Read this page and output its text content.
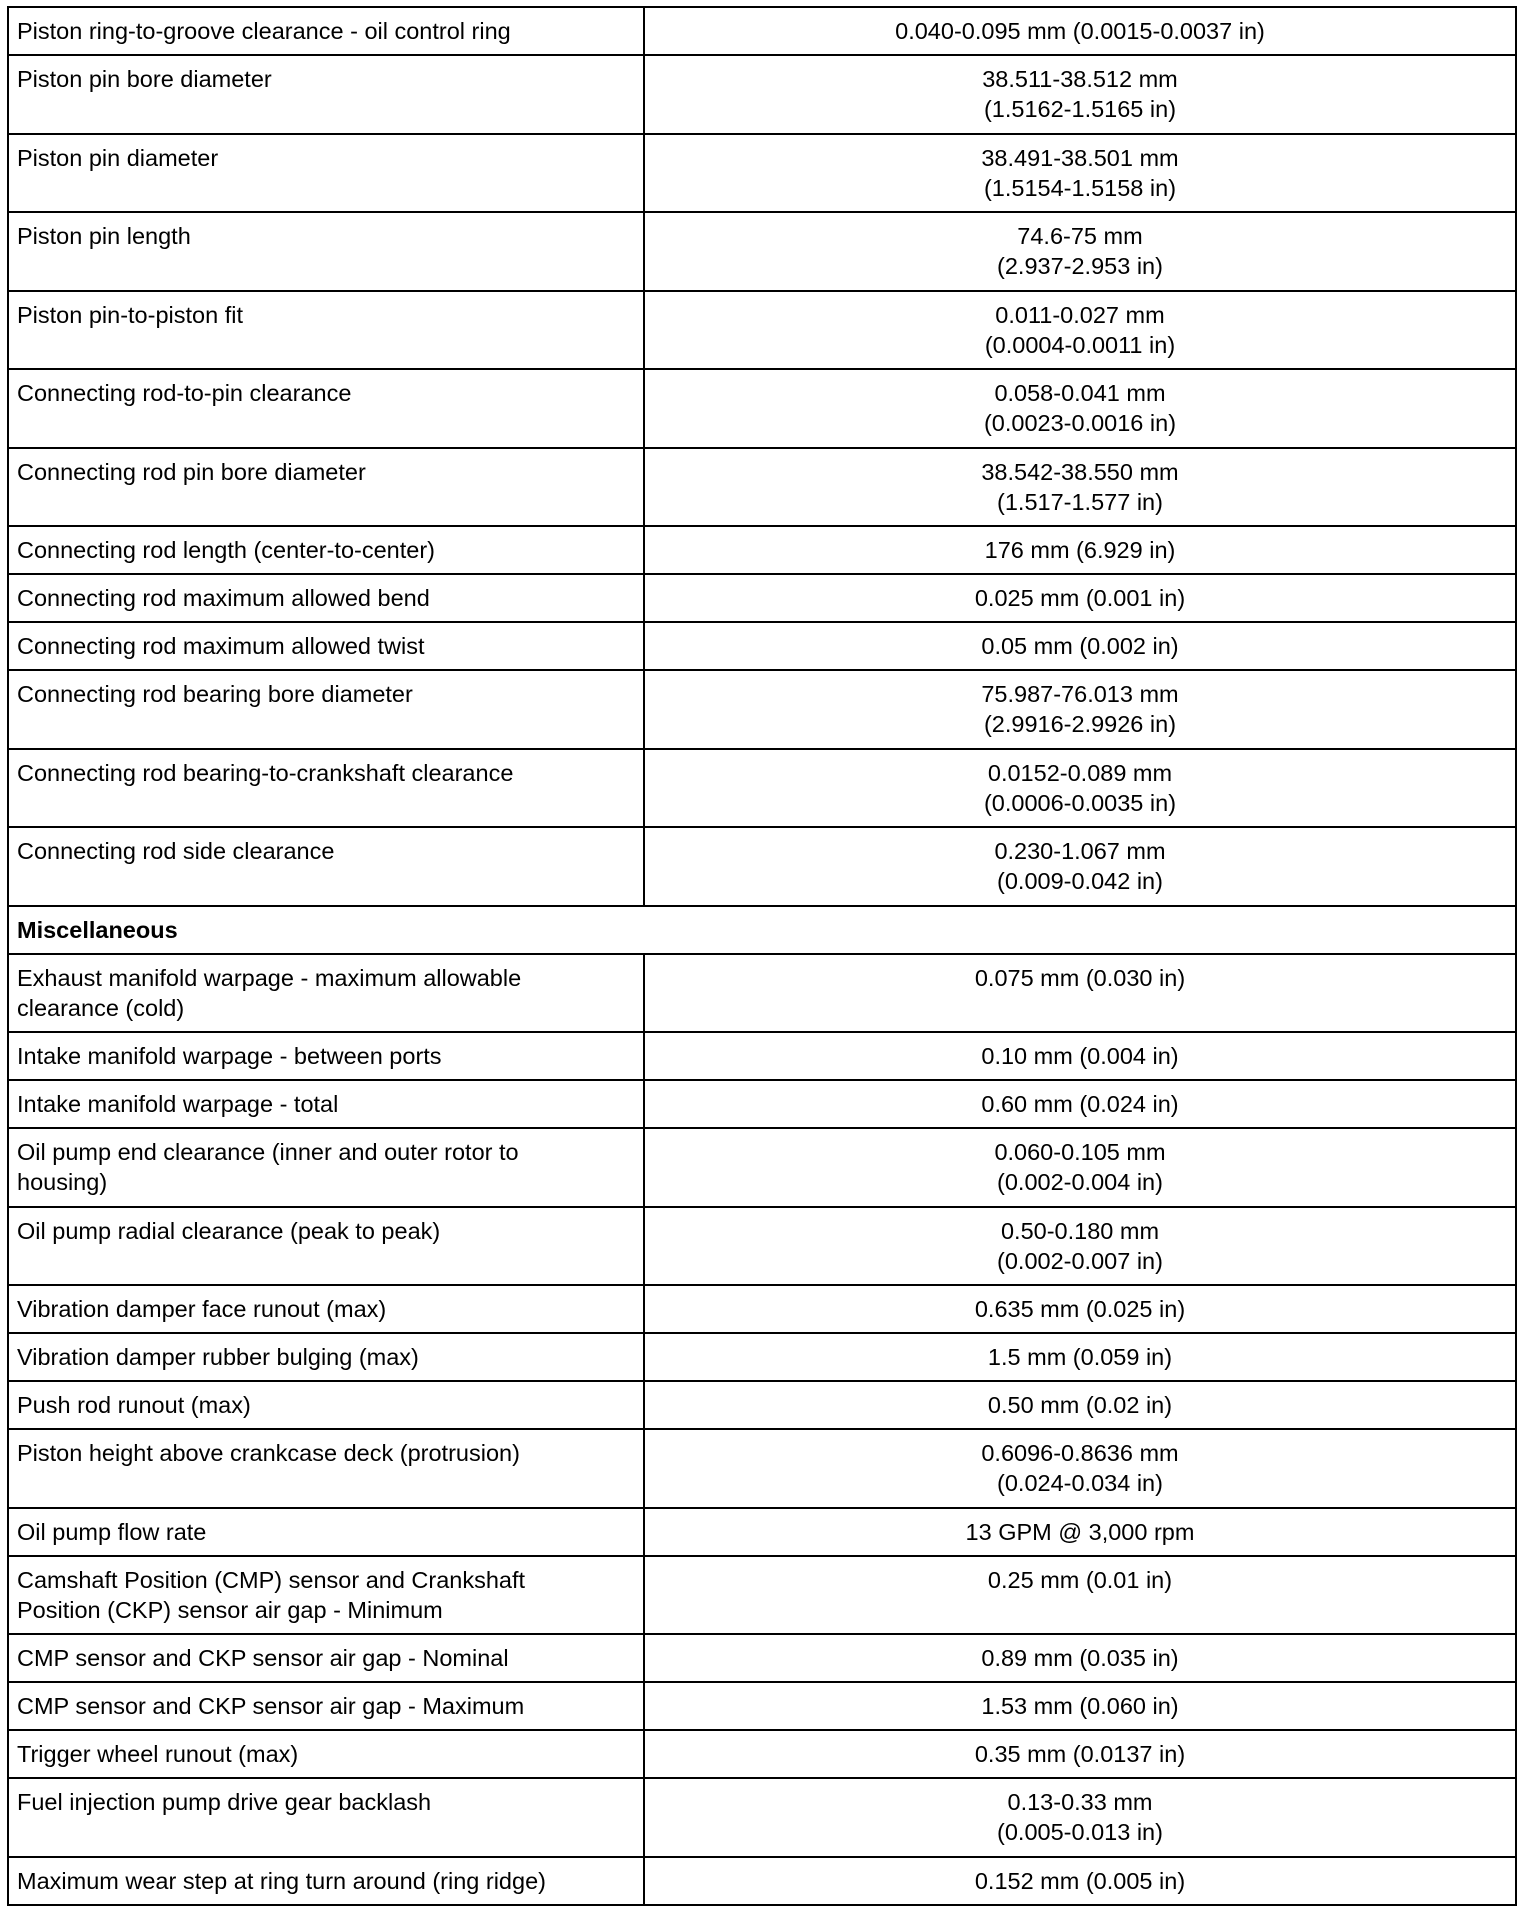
Piston ring-to-groove clearance - oil control ring	0.040-0.095 mm (0.0015-0.0037 in)

Piston pin bore diameter	38.511-38.512 mm
(1.5162-1.5165 in)

Piston pin diameter	38.491-38.501 mm
(1.5154-1.5158 in)

Piston pin length	74.6-75 mm
(2.937-2.953 in)

Piston pin-to-piston fit	0.011-0.027 mm
(0.0004-0.0011 in)

Connecting rod-to-pin clearance	0.058-0.041 mm
(0.0023-0.0016 in)

Connecting rod pin bore diameter	38.542-38.550 mm
(1.517-1.577 in)

Connecting rod length (center-to-center)	176 mm (6.929 in)

Connecting rod maximum allowed bend	0.025 mm (0.001 in)

Connecting rod maximum allowed twist	0.05 mm (0.002 in)

Connecting rod bearing bore diameter	75.987-76.013 mm
(2.9916-2.9926 in)

Connecting rod bearing-to-crankshaft clearance	0.0152-0.089 mm
(0.0006-0.0035 in)

Connecting rod side clearance	0.230-1.067 mm
(0.009-0.042 in)

Miscellaneous	

Exhaust manifold warpage - maximum allowable
clearance (cold)	0.075 mm (0.030 in)

Intake manifold warpage - between ports	0.10 mm (0.004 in)

Intake manifold warpage - total	0.60 mm (0.024 in)

Oil pump end clearance (inner and outer rotor to
housing)	0.060-0.105 mm
(0.002-0.004 in)

Oil pump radial clearance (peak to peak)	0.50-0.180 mm
(0.002-0.007 in)

Vibration damper face runout (max)	0.635 mm (0.025 in)

Vibration damper rubber bulging (max)	1.5 mm (0.059 in)

Push rod runout (max)	0.50 mm (0.02 in)

Piston height above crankcase deck (protrusion)	0.6096-0.8636 mm
(0.024-0.034 in)

Oil pump flow rate	13 GPM @ 3,000 rpm

Camshaft Position (CMP) sensor and Crankshaft
Position (CKP) sensor air gap - Minimum	0.25 mm (0.01 in)

CMP sensor and CKP sensor air gap - Nominal	0.89 mm (0.035 in)

CMP sensor and CKP sensor air gap - Maximum	1.53 mm (0.060 in)

Trigger wheel runout (max)	0.35 mm (0.0137 in)

Fuel injection pump drive gear backlash	0.13-0.33 mm
(0.005-0.013 in)

Maximum wear step at ring turn around (ring ridge)	0.152 mm (0.005 in)
